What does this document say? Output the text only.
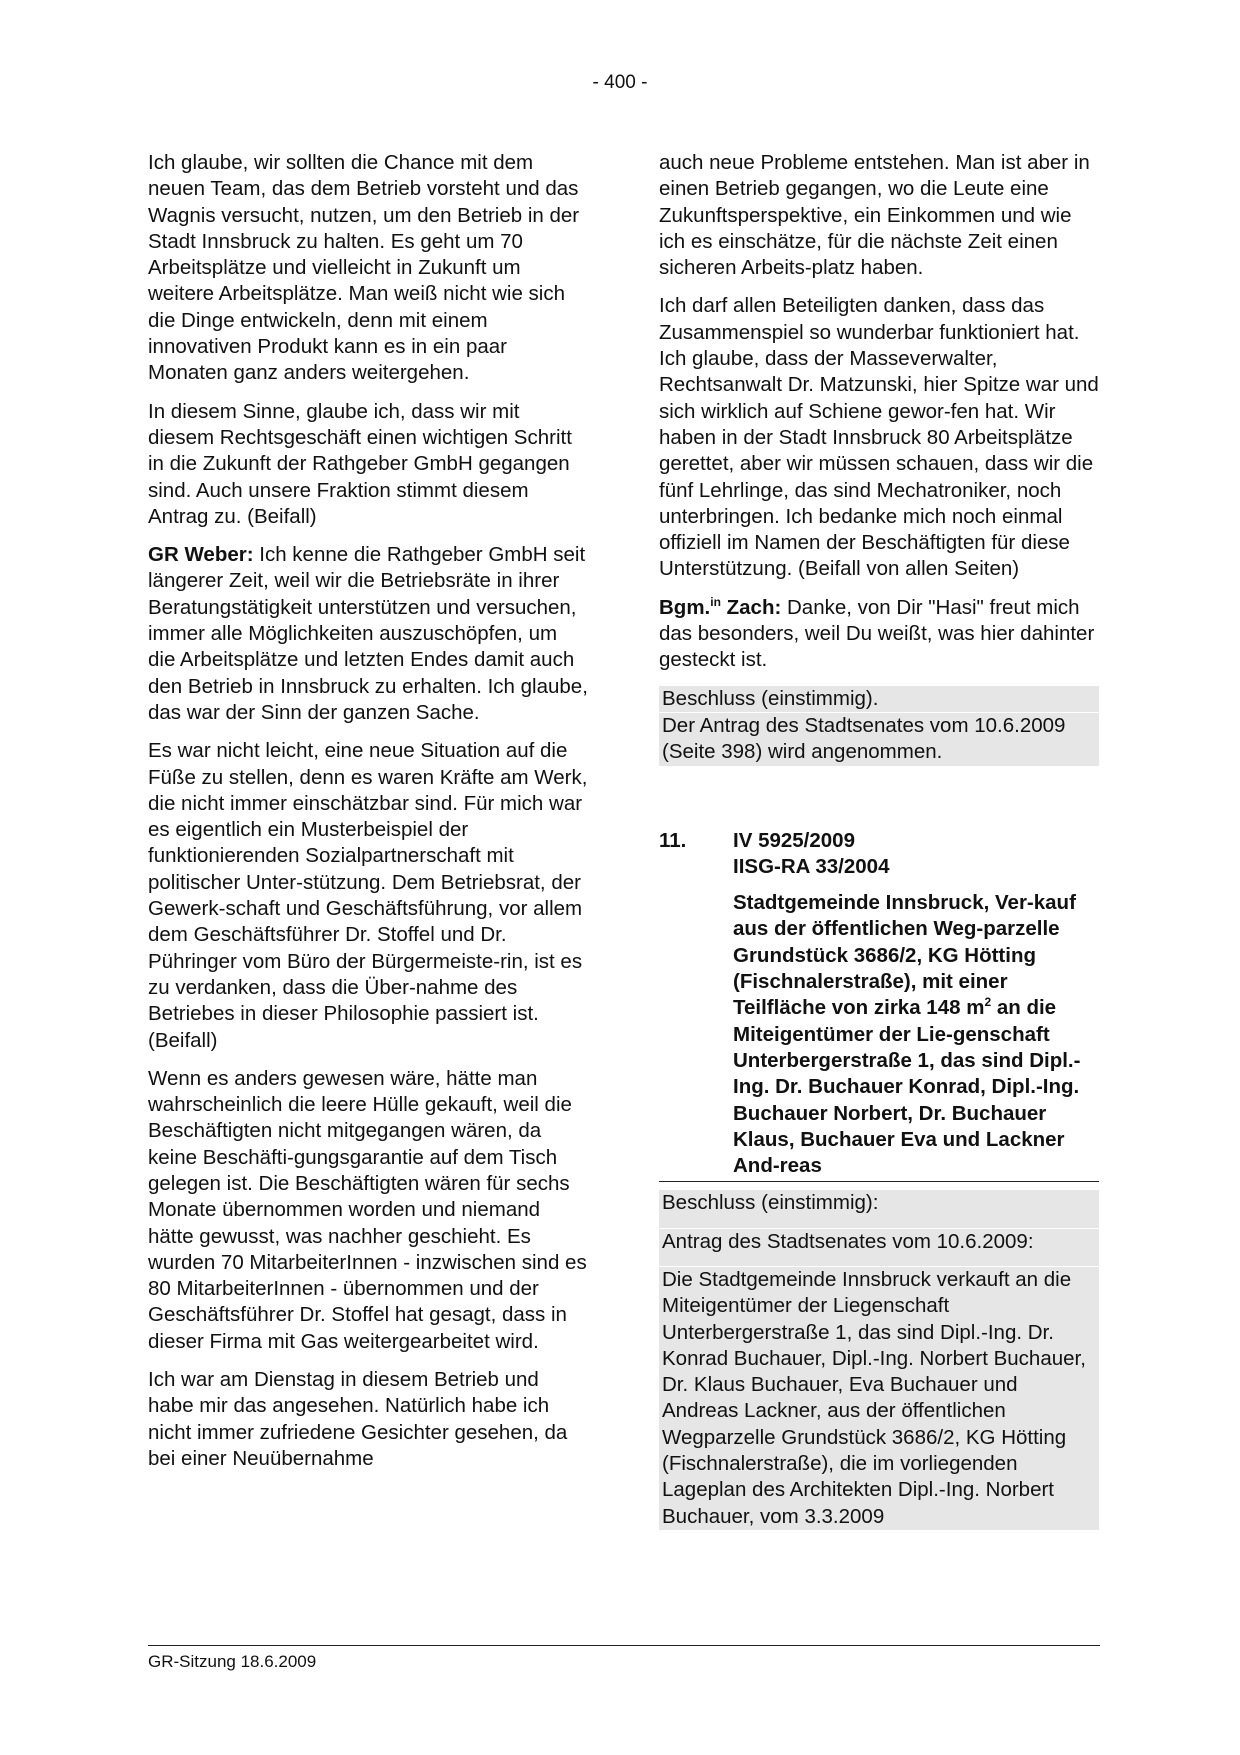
- 400 -

Ich glaube, wir sollten die Chance mit dem neuen Team, das dem Betrieb vorsteht und das Wagnis versucht, nutzen, um den Betrieb in der Stadt Innsbruck zu halten. Es geht um 70 Arbeitsplätze und vielleicht in Zukunft um weitere Arbeitsplätze. Man weiß nicht wie sich die Dinge entwickeln, denn mit einem innovativen Produkt kann es in ein paar Monaten ganz anders weitergehen.

In diesem Sinne, glaube ich, dass wir mit diesem Rechtsgeschäft einen wichtigen Schritt in die Zukunft der Rathgeber GmbH gegangen sind. Auch unsere Fraktion stimmt diesem Antrag zu. (Beifall)

GR Weber: Ich kenne die Rathgeber GmbH seit längerer Zeit, weil wir die Betriebsräte in ihrer Beratungstätigkeit unterstützen und versuchen, immer alle Möglichkeiten auszuschöpfen, um die Arbeitsplätze und letzten Endes damit auch den Betrieb in Innsbruck zu erhalten. Ich glaube, das war der Sinn der ganzen Sache.

Es war nicht leicht, eine neue Situation auf die Füße zu stellen, denn es waren Kräfte am Werk, die nicht immer einschätzbar sind. Für mich war es eigentlich ein Musterbeispiel der funktionierenden Sozialpartnerschaft mit politischer Unter-stützung. Dem Betriebsrat, der Gewerk-schaft und Geschäftsführung, vor allem dem Geschäftsführer Dr. Stoffel und Dr. Pühringer vom Büro der Bürgermeiste-rin, ist es zu verdanken, dass die Über-nahme des Betriebes in dieser Philosophie passiert ist. (Beifall)

Wenn es anders gewesen wäre, hätte man wahrscheinlich die leere Hülle gekauft, weil die Beschäftigten nicht mitgegangen wären, da keine Beschäfti-gungsgarantie auf dem Tisch gelegen ist. Die Beschäftigten wären für sechs Monate übernommen worden und niemand hätte gewusst, was nachher geschieht. Es wurden 70 MitarbeiterInnen - inzwischen sind es 80 MitarbeiterInnen - übernommen und der Geschäftsführer Dr. Stoffel hat gesagt, dass in dieser Firma mit Gas weitergearbeitet wird.

Ich war am Dienstag in diesem Betrieb und habe mir das angesehen. Natürlich habe ich nicht immer zufriedene Gesichter gesehen, da bei einer Neuübernahme

auch neue Probleme entstehen. Man ist aber in einen Betrieb gegangen, wo die Leute eine Zukunftsperspektive, ein Einkommen und wie ich es einschätze, für die nächste Zeit einen sicheren Arbeits-platz haben.

Ich darf allen Beteiligten danken, dass das Zusammenspiel so wunderbar funktioniert hat. Ich glaube, dass der Masseverwalter, Rechtsanwalt Dr. Matzunski, hier Spitze war und sich wirklich auf Schiene gewor-fen hat. Wir haben in der Stadt Innsbruck 80 Arbeitsplätze gerettet, aber wir müssen schauen, dass wir die fünf Lehrlinge, das sind Mechatroniker, noch unterbringen. Ich bedanke mich noch einmal offiziell im Namen der Beschäftigten für diese Unterstützung. (Beifall von allen Seiten)

Bgm.$^{in}$ Zach: Danke, von Dir "Hasi" freut mich das besonders, weil Du weißt, was hier dahinter gesteckt ist.

Beschluss (einstimmig).

Der Antrag des Stadtsenates vom 10.6.2009 (Seite 398) wird angenommen.

11.	IV 5925/2009
IISG-RA 33/2004
Stadtgemeinde Innsbruck, Ver-kauf aus der öffentlichen Weg-parzelle Grundstück 3686/2, KG Hötting (Fischnalerstraße), mit einer Teilfläche von zirka 148 $m^2$ an die Miteigentümer der Lie-genschaft Unterbergerstraße 1, das sind Dipl.-Ing. Dr. Buchauer Konrad, Dipl.-Ing. Buchauer Norbert, Dr. Buchauer Klaus, Buchauer Eva und Lackner And-reas

Beschluss (einstimmig):

Antrag des Stadtsenates vom 10.6.2009:

Die Stadtgemeinde Innsbruck verkauft an die Miteigentümer der Liegenschaft Unterbergerstraße 1, das sind Dipl.-Ing. Dr. Konrad Buchauer, Dipl.-Ing. Norbert Buchauer, Dr. Klaus Buchauer, Eva Buchauer und Andreas Lackner, aus der öffentlichen Wegparzelle Grundstück 3686/2, KG Hötting (Fischnalerstraße), die im vorliegenden Lageplan des Architekten Dipl.-Ing. Norbert Buchauer, vom 3.3.2009

GR-Sitzung 18.6.2009
